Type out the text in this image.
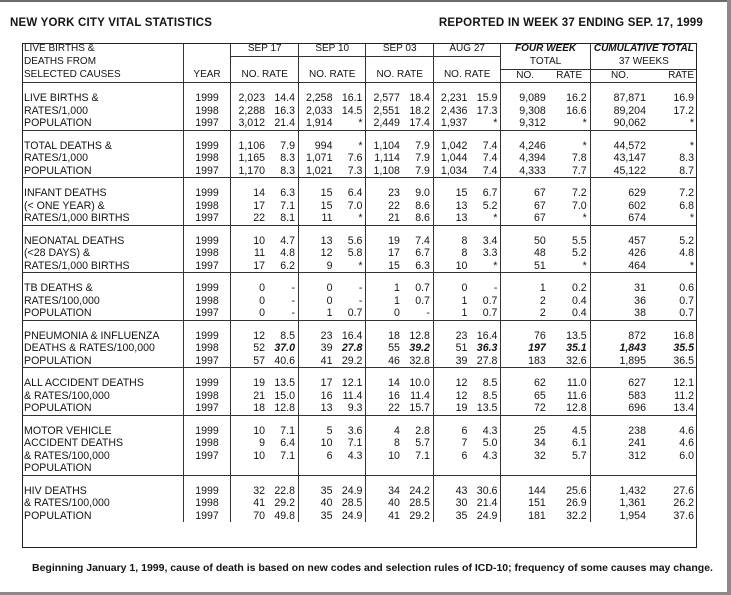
NEW YORK CITY VITAL STATISTICS	REPORTED IN WEEK 37 ENDING SEP. 17, 1999
LIVE BIRTHS &		SEP 17		SEP 10		SEP 03		AUG 27		FOUR WEEK		CUMULATIVE TOTAL	
DEATHS FROM										TOTAL		37 WEEKS	
SELECTED CAUSES	YEAR	NO. RATE		NO. RATE		NO. RATE		NO. RATE		NO.	RATE	NO.	RATE

LIVE BIRTHS &	1999	2,023	14.4	2,258	16.1	2,577	18.4	2,231	15.9	9,089	16.2	87,871	16.9
RATES/1,000	1998	2,288	16.3	2,033	14.5	2,551	18.2	2,436	17.3	9,308	16.6	89,204	17.2
POPULATION	1997	3,012	21.4	1,914	*	2,449	17.4	1,937	*	9,312	*	90,062	*

TOTAL DEATHS &	1999	1,106	7.9	994	*	1,104	7.9	1,042	7.4	4,246	*	44,572	*
RATES/1,000	1998	1,165	8.3	1,071	7.6	1,114	7.9	1,044	7.4	4,394	7.8	43,147	8.3
POPULATION	1997	1,170	8.3	1,021	7.3	1,108	7.9	1,034	7.4	4,333	7.7	45,122	8.7

INFANT DEATHS	1999	14	6.3	15	6.4	23	9.0	15	6.7	67	7.2	629	7.2
(< ONE YEAR) &	1998	17	7.1	15	7.0	22	8.6	13	5.2	67	7.0	602	6.8
RATES/1,000 BIRTHS	1997	22	8.1	11	*	21	8.6	13	*	67	*	674	*

NEONATAL DEATHS	1999	10	4.7	13	5.6	19	7.4	8	3.4	50	5.5	457	5.2
(<28 DAYS) &	1998	11	4.8	12	5.8	17	6.7	8	3.3	48	5.2	426	4.8
RATES/1,000 BIRTHS	1997	17	6.2	9	*	15	6.3	10	*	51	*	464	*

TB DEATHS &	1999	0	-	0	-	1	0.7	0	-	1	0.2	31	0.6
RATES/100,000	1998	0	-	0	-	1	0.7	1	0.7	2	0.4	36	0.7
POPULATION	1997	0	-	1	0.7	0	-	1	0.7	2	0.4	38	0.7

PNEUMONIA & INFLUENZA	1999	12	8.5	23	16.4	18	12.8	23	16.4	76	13.5	872	16.8
DEATHS & RATES/100,000	1998	52	37.0	39	27.8	55	39.2	51	36.3	197	35.1	1,843	35.5
POPULATION	1997	57	40.6	41	29.2	46	32.8	39	27.8	183	32.6	1,895	36.5

ALL ACCIDENT DEATHS	1999	19	13.5	17	12.1	14	10.0	12	8.5	62	11.0	627	12.1
& RATES/100,000	1998	21	15.0	16	11.4	16	11.4	12	8.5	65	11.6	583	11.2
POPULATION	1997	18	12.8	13	9.3	22	15.7	19	13.5	72	12.8	696	13.4

MOTOR VEHICLE	1999	10	7.1	5	3.6	4	2.8	6	4.3	25	4.5	238	4.6
ACCIDENT DEATHS	1998	9	6.4	10	7.1	8	5.7	7	5.0	34	6.1	241	4.6
& RATES/100,000	1997	10	7.1	6	4.3	10	7.1	6	4.3	32	5.7	312	6.0
POPULATION													

HIV DEATHS	1999	32	22.8	35	24.9	34	24.2	43	30.6	144	25.6	1,432	27.6
& RATES/100,000	1998	41	29.2	40	28.5	40	28.5	30	21.4	151	26.9	1,361	26.2
POPULATION	1997	70	49.8	35	24.9	41	29.2	35	24.9	181	32.2	1,954	37.6
Beginning January 1, 1999, cause of death is based on new codes and selection rules of ICD-10; frequency of some causes may change.
